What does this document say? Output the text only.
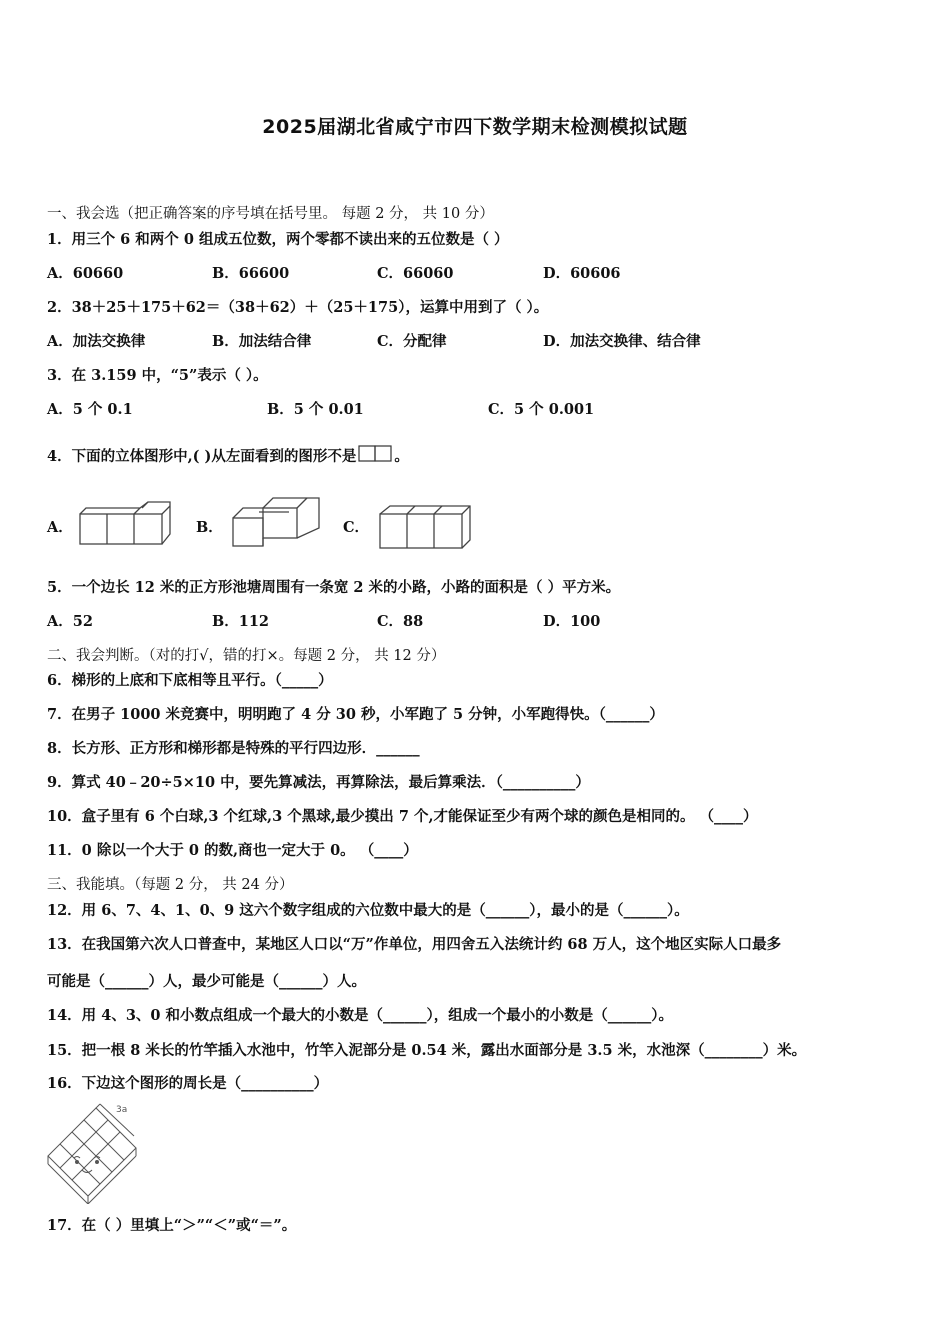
2025届湖北省咸宁市四下数学期末检测模拟试题
一、我会选（把正确答案的序号填在括号里。 每题 2 分， 共 10 分）
1．用三个 6 和两个 0 组成五位数，两个零都不读出来的五位数是（ ）
A．60660	B．66600	C．66060	D．60606
2．38＋25＋175＋62＝（38＋62）＋（25＋175），运算中用到了（ ）。
A．加法交换律	B．加法结合律	C．分配律	D．加法交换律、结合律
3．在 3.159 中，“5”表示（ ）。
A．5 个 0.1	B．5 个 0.01	C．5 个 0.001
4．下面的立体图形中,( )从左面看到的图形不是	。
A．	B．	C．
5．一个边长 12 米的正方形池塘周围有一条宽 2 米的小路，小路的面积是（ ）平方米。
A．52	B．112	C．88	D．100
二、我会判断。（对的打√，错的打×。每题 2 分， 共 12 分）
6．梯形的上底和下底相等且平行。（_____）
7．在男子 1000 米竞赛中，明明跑了 4 分 30 秒，小军跑了 5 分钟，小军跑得快。（______）
8．长方形、正方形和梯形都是特殊的平行四边形．______
9．算式 40﹣20÷5×10 中，要先算减法，再算除法，最后算乘法．（__________）
10．盒子里有 6 个白球,3 个红球,3 个黑球,最少摸出 7 个,才能保证至少有两个球的颜色是相同的。 （____）
11．0 除以一个大于 0 的数,商也一定大于 0。 （____）
三、我能填。（每题 2 分， 共 24 分）
12．用 6、7、4、1、0、9 这六个数字组成的六位数中最大的是（______），最小的是（______）。
13．在我国第六次人口普查中，某地区人口以“万”作单位，用四舍五入法统计约 68 万人，这个地区实际人口最多
可能是（______）人，最少可能是（______）人。
14．用 4、3、0 和小数点组成一个最大的小数是（______），组成一个最小的小数是（______）。
15．把一根 8 米长的竹竿插入水池中，竹竿入泥部分是 0.54 米，露出水面部分是 3.5 米，水池深（________）米。
16．下边这个图形的周长是（__________）
3a
17．在（ ）里填上“＞”“＜”或“＝”。
